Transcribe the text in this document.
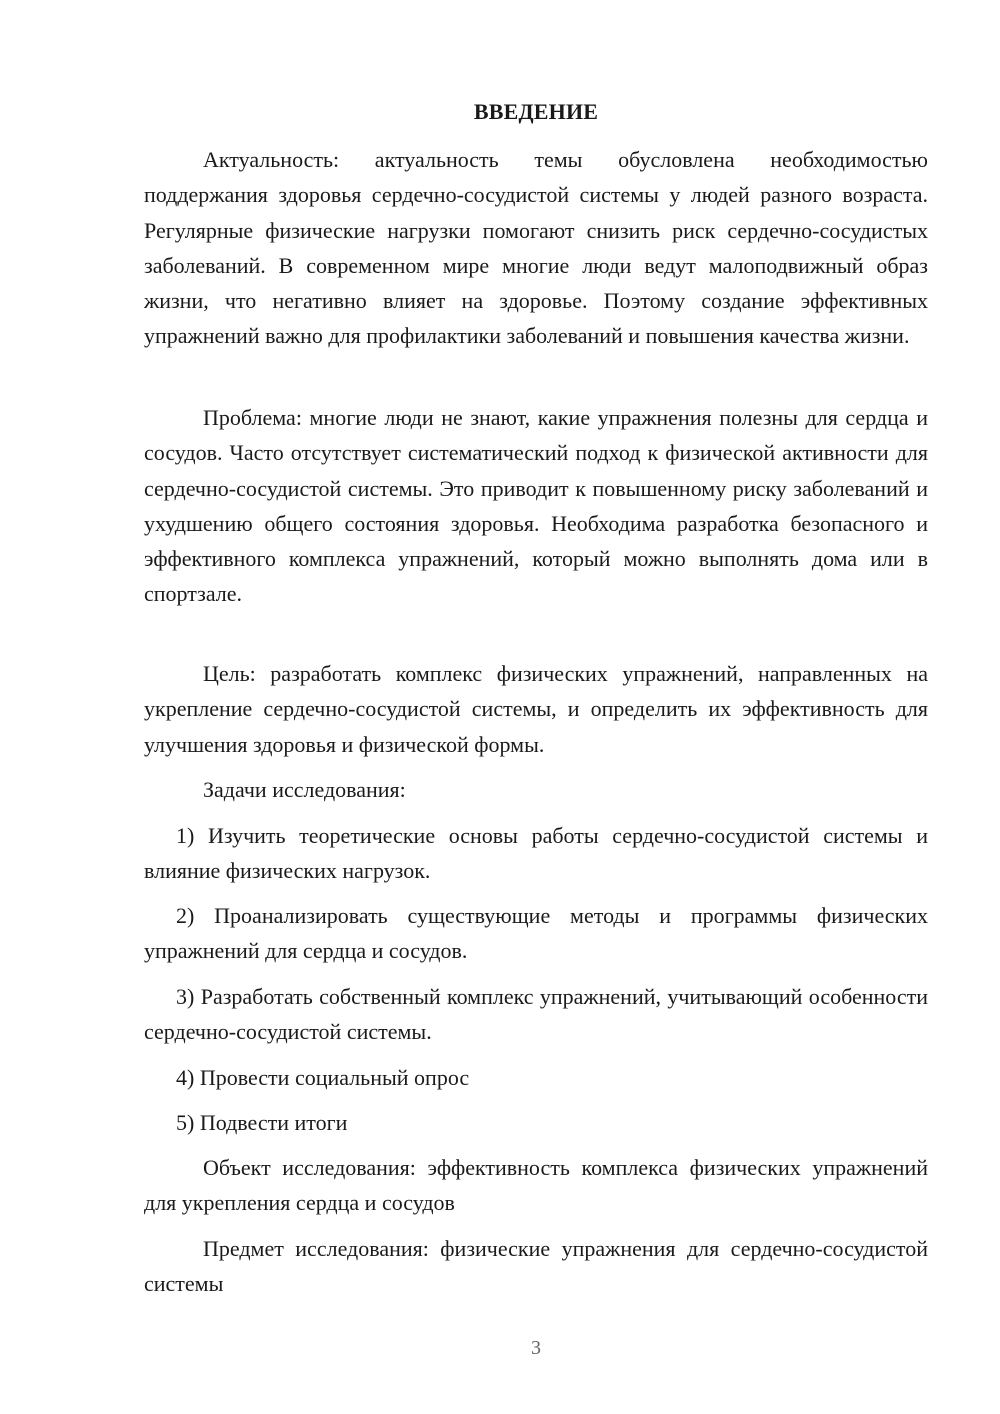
ВВЕДЕНИЕ

Актуальность: актуальность темы обусловлена необходимостью поддержания здоровья сердечно-сосудистой системы у людей разного возраста. Регулярные физические нагрузки помогают снизить риск сердечно-сосудистых заболеваний. В современном мире многие люди ведут малоподвижный образ жизни, что негативно влияет на здоровье. Поэтому создание эффективных упражнений важно для профилактики заболеваний и повышения качества жизни.

Проблема: многие люди не знают, какие упражнения полезны для сердца и сосудов. Часто отсутствует систематический подход к физической активности для сердечно-сосудистой системы. Это приводит к повышенному риску заболеваний и ухудшению общего состояния здоровья. Необходима разработка безопасного и эффективного комплекса упражнений, который можно выполнять дома или в спортзале.

Цель: разработать комплекс физических упражнений, направленных на укрепление сердечно-сосудистой системы, и определить их эффективность для улучшения здоровья и физической формы.

Задачи исследования:

1) Изучить теоретические основы работы сердечно-сосудистой системы и влияние физических нагрузок.

2) Проанализировать существующие методы и программы физических упражнений для сердца и сосудов.

3) Разработать собственный комплекс упражнений, учитывающий особенности сердечно-сосудистой системы.

4) Провести социальный опрос

5) Подвести итоги

Объект исследования: эффективность комплекса физических упражнений для укрепления сердца и сосудов

Предмет исследования: физические упражнения для сердечно-сосудистой системы

3
